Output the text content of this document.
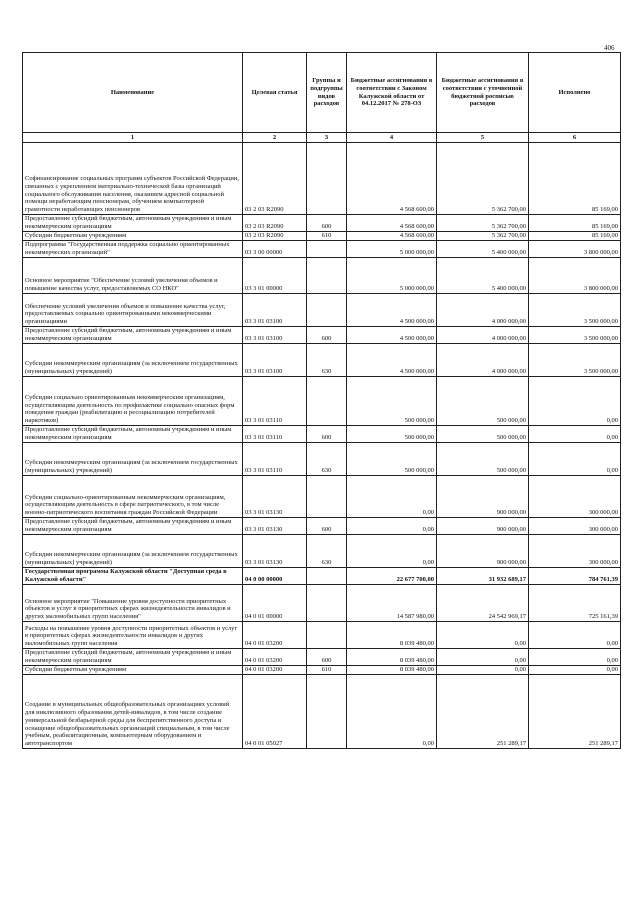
406
Наименование	Целевая статья	Группы и подгруппы видов расходов	Бюджетные ассигнования в соответствии с Законом Калужской области от 04.12.2017 № 278-ОЗ	Бюджетные ассигнования в соответствии с уточненной бюджетной росписью расходов	Исполнено
1	2	3	4	5	6
Софинансирование социальных программ субъектов Российской Федерации, связанных с укреплением материально-технической базы организаций социального обслуживания населения, оказанием адресной социальной помощи неработающим пенсионерам, обучением компьютерной грамотности неработающих пенсионеров	03 2 03 R2090		4 568 600,00	5 362 700,00	85 169,00
Предоставление субсидий бюджетным, автономным учреждениям и иным некоммерческим организациям	03 2 03 R2090	600	4 568 600,00	5 362 700,00	85 169,00
Субсидии бюджетным учреждениям	03 2 03 R2090	610	4 568 600,00	5 362 700,00	85 169,00
Подпрограмма "Государственная поддержка социально ориентированных некоммерческих организаций"	03 3 00 00000		5 000 000,00	5 400 000,00	3 800 000,00
Основное мероприятие "Обеспечение условий увеличения объемов и повышение качества услуг, предоставляемых СО НКО"	03 3 01 00000		5 000 000,00	5 400 000,00	3 800 000,00
Обеспечение условий увеличения объемов и повышение качества услуг, предоставляемых социально ориентированными некоммерческими организациями	03 3 01 03100		4 500 000,00	4 000 000,00	3 500 000,00
Предоставление субсидий бюджетным, автономным учреждениям и иным некоммерческим организациям	03 3 01 03100	600	4 500 000,00	4 000 000,00	3 500 000,00
Субсидии некоммерческим организациям (за исключением государственных (муниципальных) учреждений)	03 3 01 03100	630	4 500 000,00	4 000 000,00	3 500 000,00
Субсидии социально ориентированным некоммерческим организациям, осуществляющим деятельность по профилактике социально опасных форм поведения граждан (реабилитацию и ресоциализацию потребителей наркотиков)	03 3 01 03110		500 000,00	500 000,00	0,00
Предоставление субсидий бюджетным, автономным учреждениям и иным некоммерческим организациям	03 3 01 03110	600	500 000,00	500 000,00	0,00
Субсидии некоммерческим организациям (за исключением государственных (муниципальных) учреждений)	03 3 01 03110	630	500 000,00	500 000,00	0,00
Субсидии социально-ориентированным некоммерческим организациям, осуществляющим деятельность в сфере патриотического, в том числе военно-патриотического воспитания граждан Российской Федерации	03 3 01 03130		0,00	900 000,00	300 000,00
Предоставление субсидий бюджетным, автономным учреждениям и иным некоммерческим организациям	03 3 01 03130	600	0,00	900 000,00	300 000,00
Субсидии некоммерческим организациям (за исключением государственных (муниципальных) учреждений)	03 3 01 03130	630	0,00	900 000,00	300 000,00
Государственная программа Калужской области "Доступная среда в Калужской области"	04 0 00 00000		22 677 700,00	31 932 689,17	784 761,39
Основное мероприятие "Повышение уровня доступности приоритетных объектов и услуг в приоритетных сферах жизнедеятельности инвалидов и других маломобильных групп населения"	04 0 01 00000		14 587 980,00	24 542 969,17	725 161,39
Расходы на повышение уровня доступности приоритетных объектов и услуг в приоритетных сферах жизнедеятельности инвалидов и других маломобильных групп населения	04 0 01 03200		8 039 480,00	0,00	0,00
Предоставление субсидий бюджетным, автономным учреждениям и иным некоммерческим организациям	04 0 01 03200	600	8 039 480,00	0,00	0,00
Субсидии бюджетным учреждениям	04 0 01 03200	610	8 039 480,00	0,00	0,00
Создание в муниципальных общеобразовательных организациях условий для инклюзивного образования детей-инвалидов, в том числе создание универсальной безбарьерной среды для беспрепятственного доступа и оснащение общеобразовательных организаций специальным, в том числе учебным, реабилитационным, компьютерным оборудованием и автотранспортом	04 0 01 05027		0,00	251 289,17	251 289,17
